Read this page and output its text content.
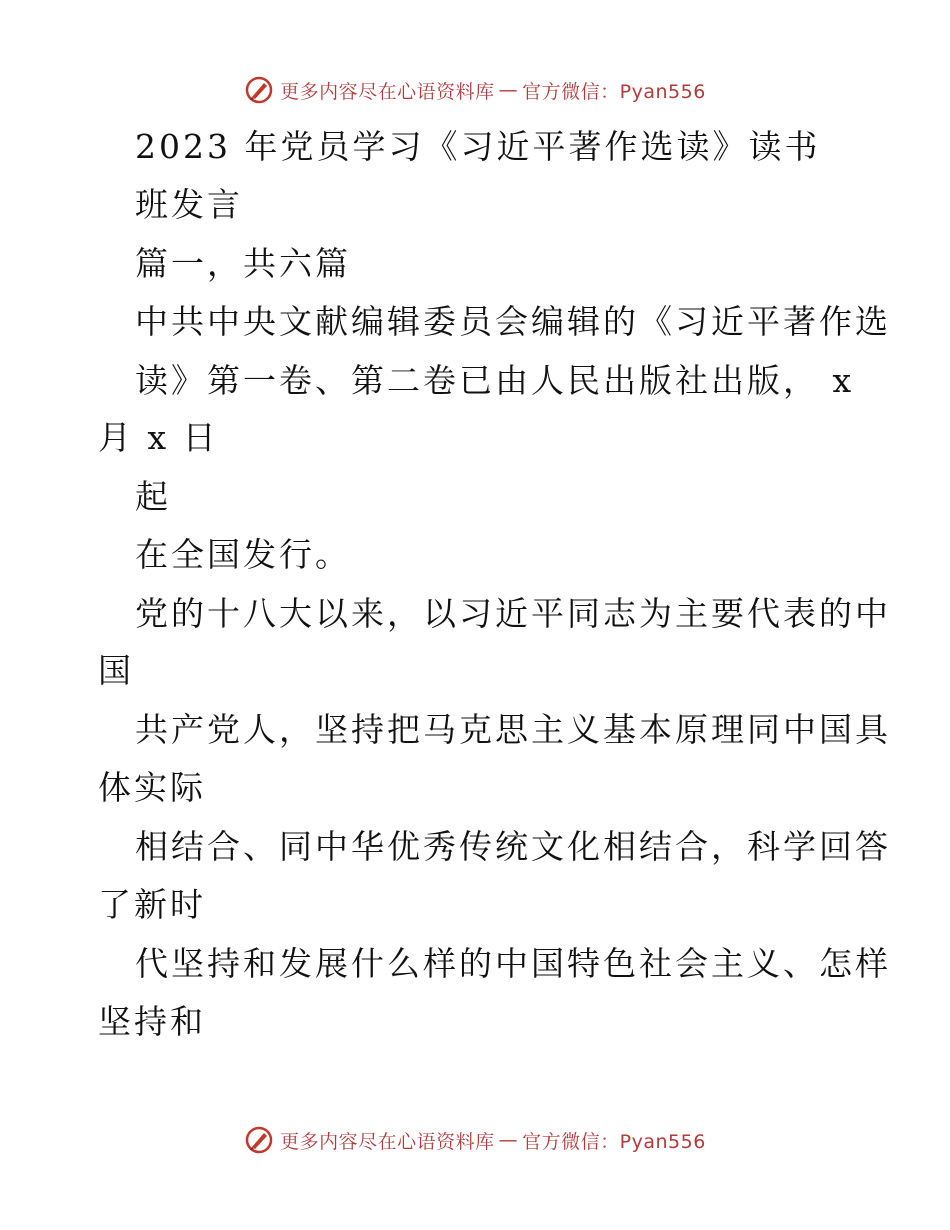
更多内容尽在心语资料库 — 官方微信：Pyan556
2023 年党员学习《习近平著作选读》读书
班发言
篇一，共六篇
中共中央文献编辑委员会编辑的《习近平著作选
读》第一卷、第二卷已由人民出版社出版， x
月 x 日
起
在全国发行。
党的十八大以来，以习近平同志为主要代表的中
国
共产党人，坚持把马克思主义基本原理同中国具
体实际
相结合、同中华优秀传统文化相结合，科学回答
了新时
代坚持和发展什么样的中国特色社会主义、怎样
坚持和
更多内容尽在心语资料库 — 官方微信：Pyan556
